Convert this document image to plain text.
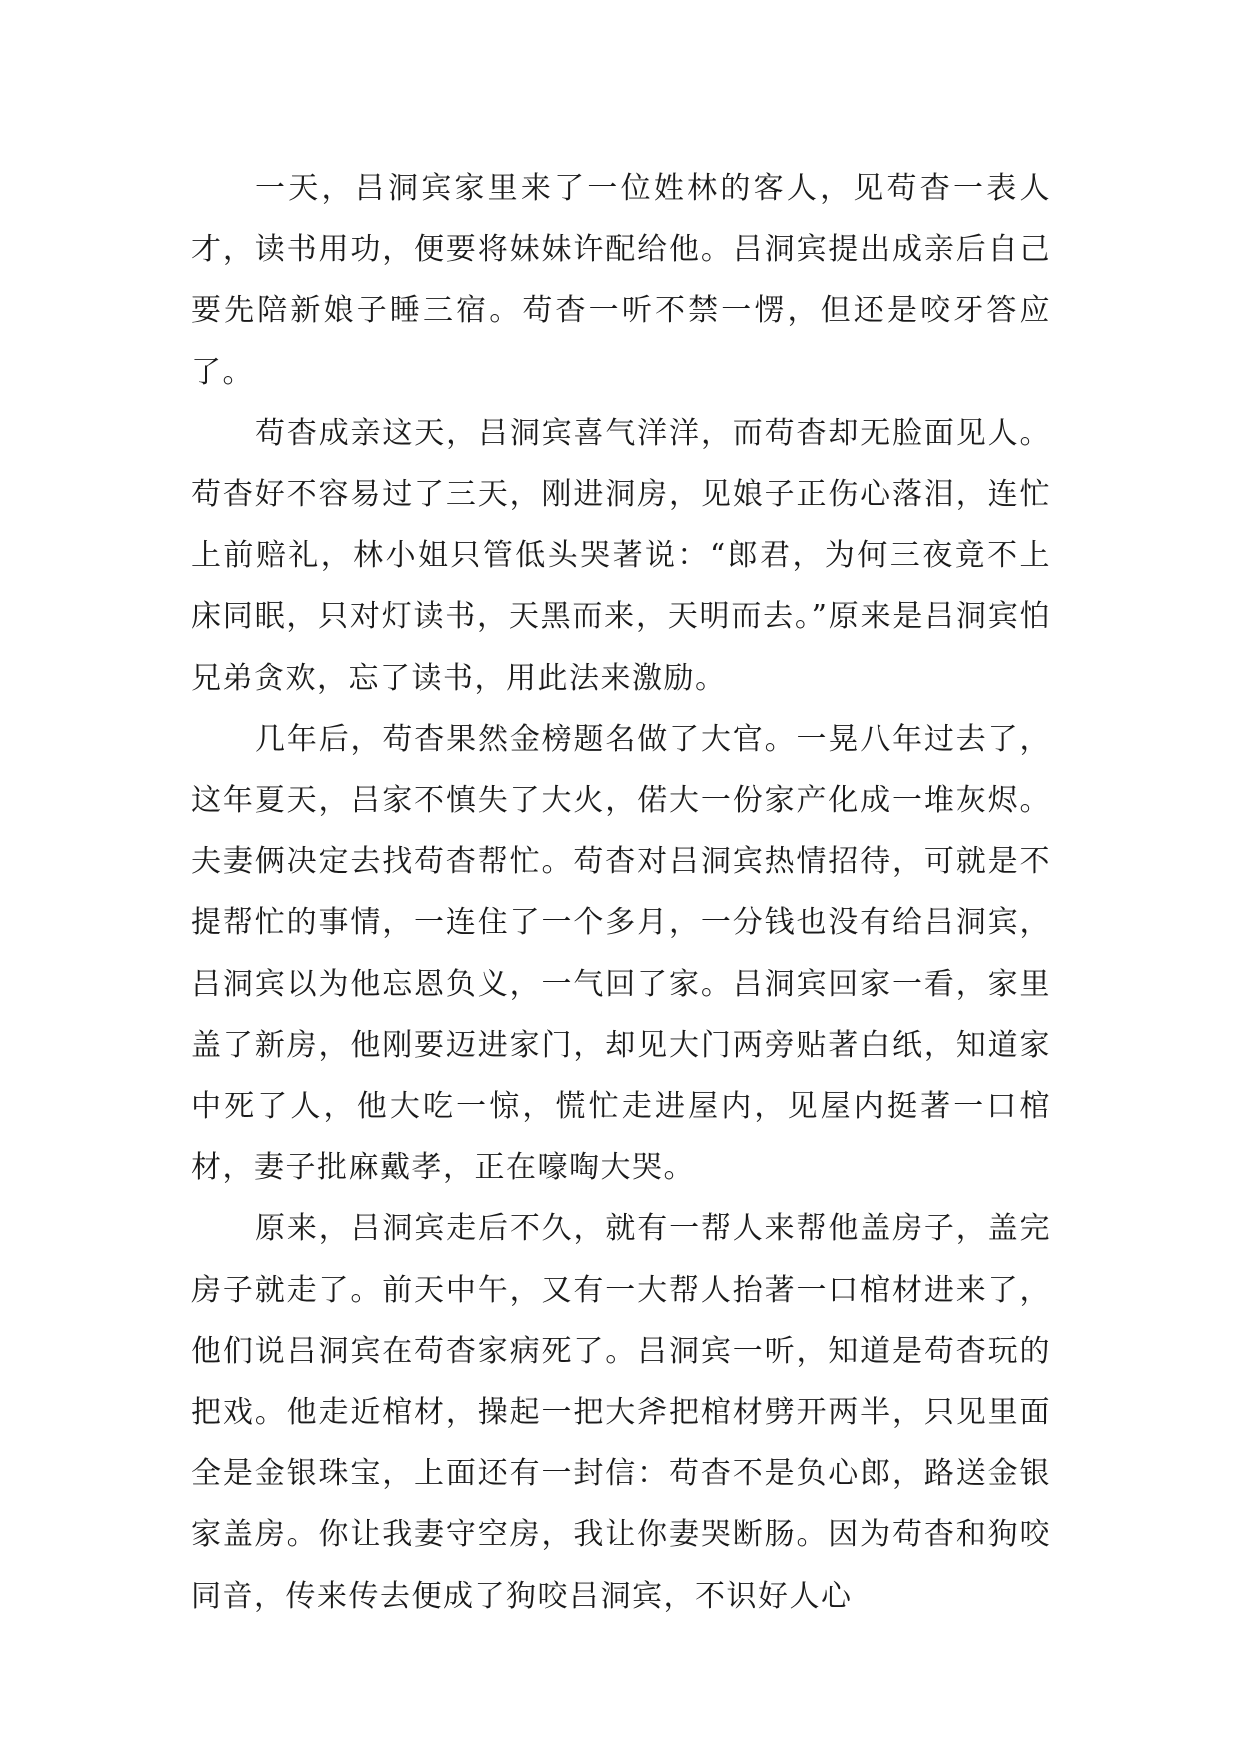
一天，吕洞宾家里来了一位姓林的客人，见苟杳一表人才，读书用功，便要将妹妹许配给他。吕洞宾提出成亲后自己要先陪新娘子睡三宿。苟杳一听不禁一愣，但还是咬牙答应了。

苟杳成亲这天，吕洞宾喜气洋洋，而苟杳却无脸面见人。苟杳好不容易过了三天，刚进洞房，见娘子正伤心落泪，连忙上前赔礼，林小姐只管低头哭著说：“郎君，为何三夜竟不上床同眠，只对灯读书，天黑而来，天明而去。”原来是吕洞宾怕兄弟贪欢，忘了读书，用此法来激励。

几年后，苟杳果然金榜题名做了大官。一晃八年过去了，这年夏天，吕家不慎失了大火，偌大一份家产化成一堆灰烬。夫妻俩决定去找苟杳帮忙。苟杳对吕洞宾热情招待，可就是不提帮忙的事情，一连住了一个多月，一分钱也没有给吕洞宾，吕洞宾以为他忘恩负义，一气回了家。吕洞宾回家一看，家里盖了新房，他刚要迈进家门，却见大门两旁贴著白纸，知道家中死了人，他大吃一惊，慌忙走进屋内，见屋内挺著一口棺材，妻子批麻戴孝，正在嚎啕大哭。

原来，吕洞宾走后不久，就有一帮人来帮他盖房子，盖完房子就走了。前天中午，又有一大帮人抬著一口棺材进来了，他们说吕洞宾在苟杳家病死了。吕洞宾一听，知道是苟杳玩的把戏。他走近棺材，操起一把大斧把棺材劈开两半，只见里面全是金银珠宝，上面还有一封信：苟杳不是负心郎，路送金银家盖房。你让我妻守空房，我让你妻哭断肠。因为苟杳和狗咬同音，传来传去便成了狗咬吕洞宾，不识好人心
